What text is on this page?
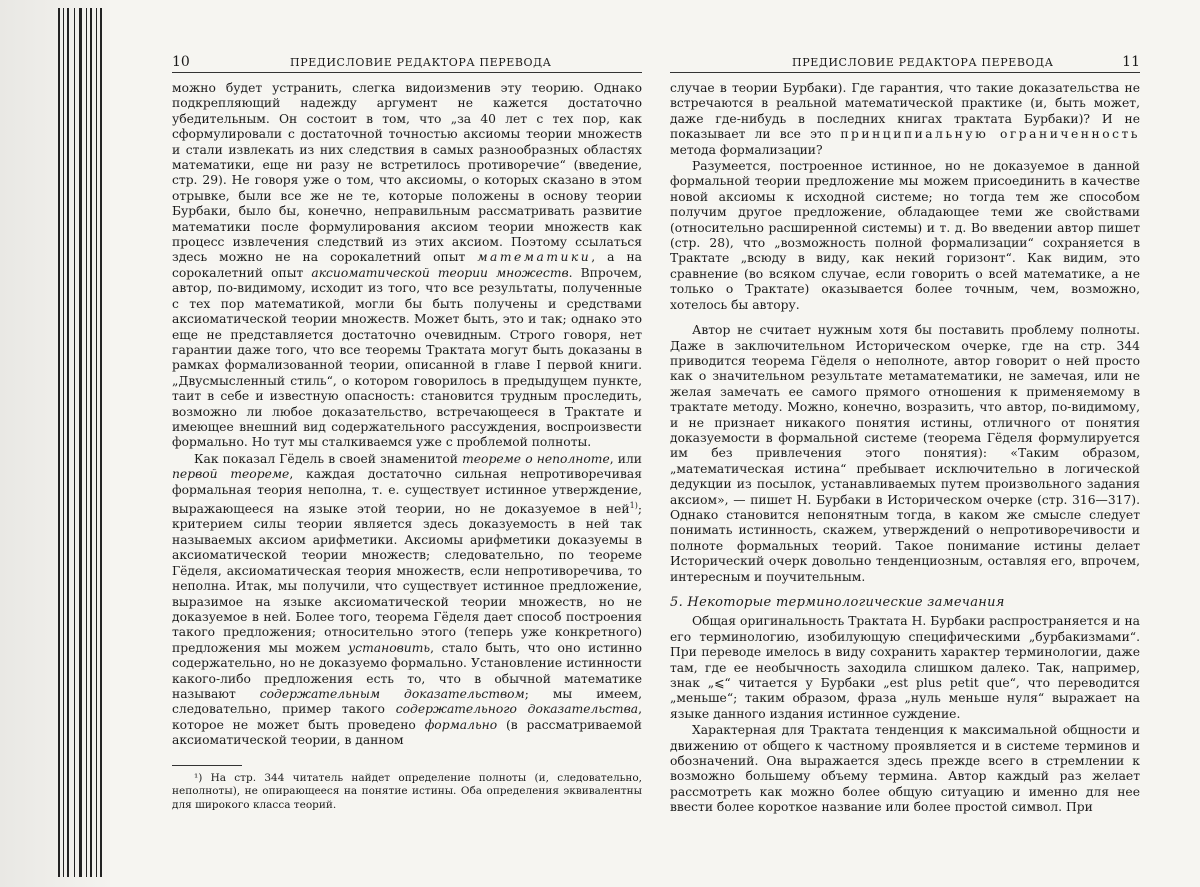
10	ПРЕДИСЛОВИЕ РЕДАКТОРА ПЕРЕВОДА

можно будет устранить, слегка видоизменив эту теорию. Однако подкрепляющий надежду аргумент не кажется достаточно убедительным. Он состоит в том, что „за 40 лет с тех пор, как сформулировали с достаточной точностью аксиомы теории множеств и стали извлекать из них следствия в самых разнообразных областях математики, еще ни разу не встретилось противоречие“ (введение, стр. 29). Не говоря уже о том, что аксиомы, о которых сказано в этом отрывке, были все же не те, которые положены в основу теории Бурбаки, было бы, конечно, неправильным рассматривать развитие математики после формулирования аксиом теории множеств как процесс извлечения следствий из этих аксиом. Поэтому ссылаться здесь можно не на сорокалетний опыт математики, а на сорокалетний опыт аксиоматической теории множеств. Впрочем, автор, по-видимому, исходит из того, что все результаты, полученные с тех пор математикой, могли бы быть получены и средствами аксиоматической теории множеств. Может быть, это и так; однако это еще не представляется достаточно очевидным. Строго говоря, нет гарантии даже того, что все теоремы Трактата могут быть доказаны в рамках формализованной теории, описанной в главе I первой книги. „Двусмысленный стиль“, о котором говорилось в предыдущем пункте, таит в себе и известную опасность: становится трудным проследить, возможно ли любое доказательство, встречающееся в Трактате и имеющее внешний вид содержательного рассуждения, воспроизвести формально. Но тут мы сталкиваемся уже с проблемой полноты.

Как показал Гёдель в своей знаменитой теореме о неполноте, или первой теореме, каждая достаточно сильная непротиворечивая формальная теория неполна, т. е. существует истинное утверждение, выражающееся на языке этой теории, но не доказуемое в ней1); критерием силы теории является здесь доказуемость в ней так называемых аксиом арифметики. Аксиомы арифметики доказуемы в аксиоматической теории множеств; следовательно, по теореме Гёделя, аксиоматическая теория множеств, если непротиворечива, то неполна. Итак, мы получили, что существует истинное предложение, выразимое на языке аксиоматической теории множеств, но не доказуемое в ней. Более того, теорема Гёделя дает способ построения такого предложения; относительно этого (теперь уже конкретного) предложения мы можем установить, стало быть, что оно истинно содержательно, но не доказуемо формально. Установление истинности какого-либо предложения есть то, что в обычной математике называют содержательным доказательством; мы имеем, следовательно, пример такого содержательного доказательства, которое не может быть проведено формально (в рассматриваемой аксиоматической теории, в данном

¹) На стр. 344 читатель найдет определение полноты (и, следовательно, неполноты), не опирающееся на понятие истины. Оба определения эквивалентны для широкого класса теорий.
ПРЕДИСЛОВИЕ РЕДАКТОРА ПЕРЕВОДА	11

случае в теории Бурбаки). Где гарантия, что такие доказательства не встречаются в реальной математической практике (и, быть может, даже где-нибудь в последних книгах трактата Бурбаки)? И не показывает ли все это принципиальную ограниченность метода формализации?

Разумеется, построенное истинное, но не доказуемое в данной формальной теории предложение мы можем присоединить в качестве новой аксиомы к исходной системе; но тогда тем же способом получим другое предложение, обладающее теми же свойствами (относительно расширенной системы) и т. д. Во введении автор пишет (стр. 28), что „возможность полной формализации“ сохраняется в Трактате „всюду в виду, как некий горизонт“. Как видим, это сравнение (во всяком случае, если говорить о всей математике, а не только о Трактате) оказывается более точным, чем, возможно, хотелось бы автору.

Автор не считает нужным хотя бы поставить проблему полноты. Даже в заключительном Историческом очерке, где на стр. 344 приводится теорема Гёделя о неполноте, автор говорит о ней просто как о значительном результате метаматематики, не замечая, или не желая замечать ее самого прямого отношения к применяемому в трактате методу. Можно, конечно, возразить, что автор, по-видимому, и не признает никакого понятия истины, отличного от понятия доказуемости в формальной системе (теорема Гёделя формулируется им без привлечения этого понятия): «Таким образом, „математическая истина“ пребывает исключительно в логической дедукции из посылок, устанавливаемых путем произвольного задания аксиом», — пишет Н. Бурбаки в Историческом очерке (стр. 316—317). Однако становится непонятным тогда, в каком же смысле следует понимать истинность, скажем, утверждений о непротиворечивости и полноте формальных теорий. Такое понимание истины делает Исторический очерк довольно тенденциозным, оставляя его, впрочем, интересным и поучительным.

5. Некоторые терминологические замечания

Общая оригинальность Трактата Н. Бурбаки распространяется и на его терминологию, изобилующую специфическими „бурбакизмами“. При переводе имелось в виду сохранить характер терминологии, даже там, где ее необычность заходила слишком далеко. Так, например, знак „⩽“ читается у Бурбаки „est plus petit que“, что переводится „меньше“; таким образом, фраза „нуль меньше нуля“ выражает на языке данного издания истинное суждение.

Характерная для Трактата тенденция к максимальной общности и движению от общего к частному проявляется и в системе терминов и обозначений. Она выражается здесь прежде всего в стремлении к возможно большему объему термина. Автор каждый раз желает рассмотреть как можно более общую ситуацию и именно для нее ввести более короткое название или более простой символ. При
